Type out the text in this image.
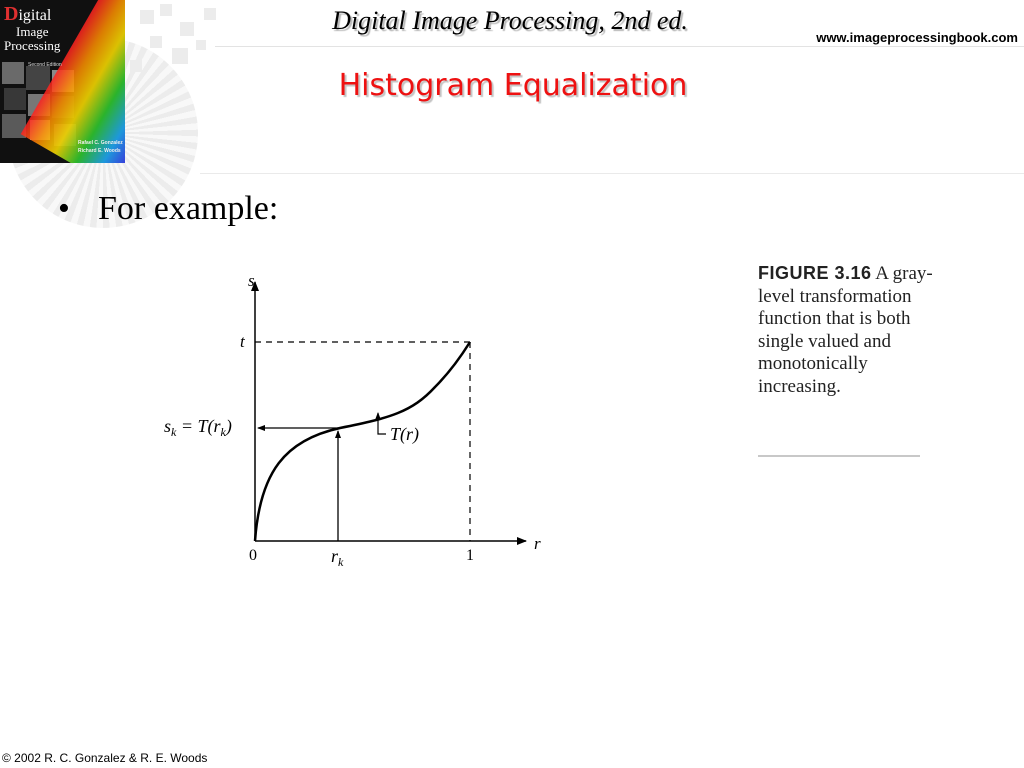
Digital
Image
Processing
Second Edition
Rafael C. Gonzalez
Richard E. Woods
Digital Image Processing, 2nd ed.
www.imageprocessingbook.com
Histogram Equalization
• For example:
s
r
t
0	1
$s_k = T(r_k)$
$r_k$
T(r)
FIGURE 3.16 A gray-level transformation function that is both single valued and monotonically increasing.
© 2002 R. C. Gonzalez & R. E. Woods
